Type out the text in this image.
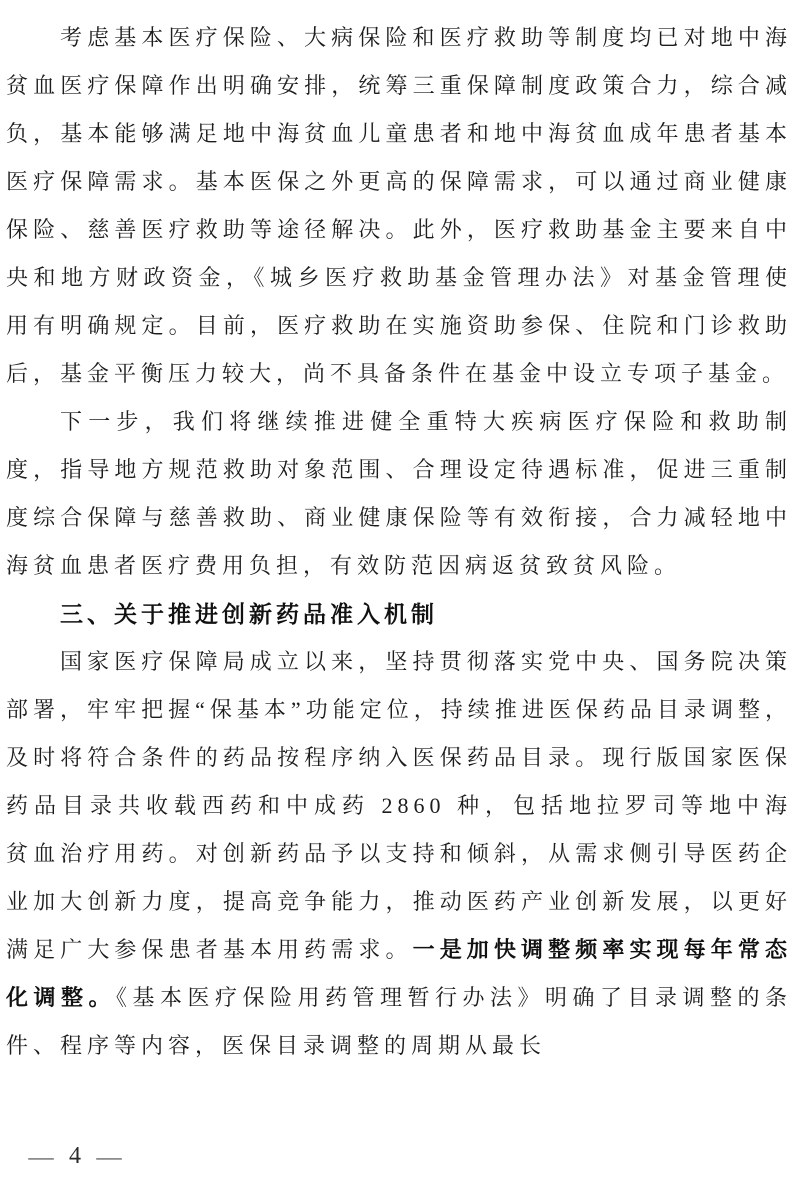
考虑基本医疗保险、大病保险和医疗救助等制度均已对地中海贫血医疗保障作出明确安排，统筹三重保障制度政策合力，综合减负，基本能够满足地中海贫血儿童患者和地中海贫血成年患者基本医疗保障需求。基本医保之外更高的保障需求，可以通过商业健康保险、慈善医疗救助等途径解决。此外，医疗救助基金主要来自中央和地方财政资金，《城乡医疗救助基金管理办法》对基金管理使用有明确规定。目前，医疗救助在实施资助参保、住院和门诊救助后，基金平衡压力较大，尚不具备条件在基金中设立专项子基金。

下一步，我们将继续推进健全重特大疾病医疗保险和救助制度，指导地方规范救助对象范围、合理设定待遇标准，促进三重制度综合保障与慈善救助、商业健康保险等有效衔接，合力减轻地中海贫血患者医疗费用负担，有效防范因病返贫致贫风险。

三、关于推进创新药品准入机制

国家医疗保障局成立以来，坚持贯彻落实党中央、国务院决策部署，牢牢把握“保基本”功能定位，持续推进医保药品目录调整，及时将符合条件的药品按程序纳入医保药品目录。现行版国家医保药品目录共收载西药和中成药 2860 种，包括地拉罗司等地中海贫血治疗用药。对创新药品予以支持和倾斜，从需求侧引导医药企业加大创新力度，提高竞争能力，推动医药产业创新发展，以更好满足广大参保患者基本用药需求。一是加快调整频率实现每年常态化调整。《基本医疗保险用药管理暂行办法》明确了目录调整的条件、程序等内容，医保目录调整的周期从最长

— 4 —
